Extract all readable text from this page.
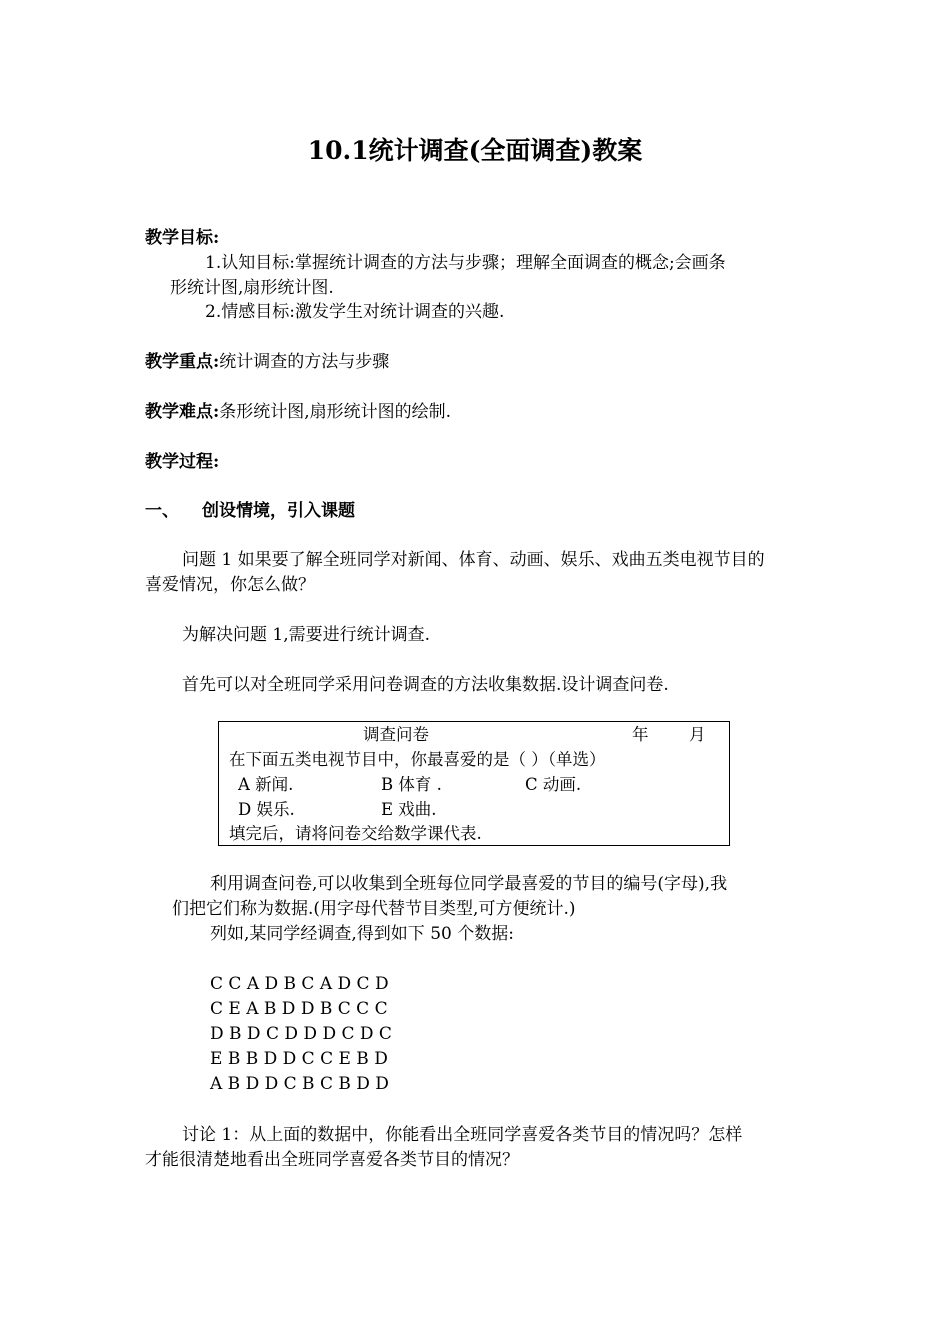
10.1统计调查(全面调查)教案
教学目标:
1.认知目标:掌握统计调查的方法与步骤；理解全面调查的概念;会画条
形统计图,扇形统计图.
2.情感目标:激发学生对统计调查的兴趣.
教学重点:统计调查的方法与步骤
教学难点:条形统计图,扇形统计图的绘制.
教学过程:
一、 创设情境，引入课题
问题 1 如果要了解全班同学对新闻、体育、动画、娱乐、戏曲五类电视节目的
喜爱情况，你怎么做？
为解决问题 1,需要进行统计调查.
首先可以对全班同学采用问卷调查的方法收集数据.设计调查问卷.
调查问卷	年 月
在下面五类电视节目中，你最喜爱的是（ ）（单选）
A 新闻.	B 体育 .	C 动画.
D 娱乐.	E 戏曲.
填完后，请将问卷交给数学课代表.
利用调查问卷,可以收集到全班每位同学最喜爱的节目的编号(字母),我
们把它们称为数据.(用字母代替节目类型,可方便统计.)
列如,某同学经调查,得到如下 50 个数据:
C C A D B C A D C D
C E A B D D B C C C
D B D C D D D C D C
E B B D D C C E B D
A B D D C B C B D D
讨论 1：从上面的数据中，你能看出全班同学喜爱各类节目的情况吗？怎样
才能很清楚地看出全班同学喜爱各类节目的情况？
